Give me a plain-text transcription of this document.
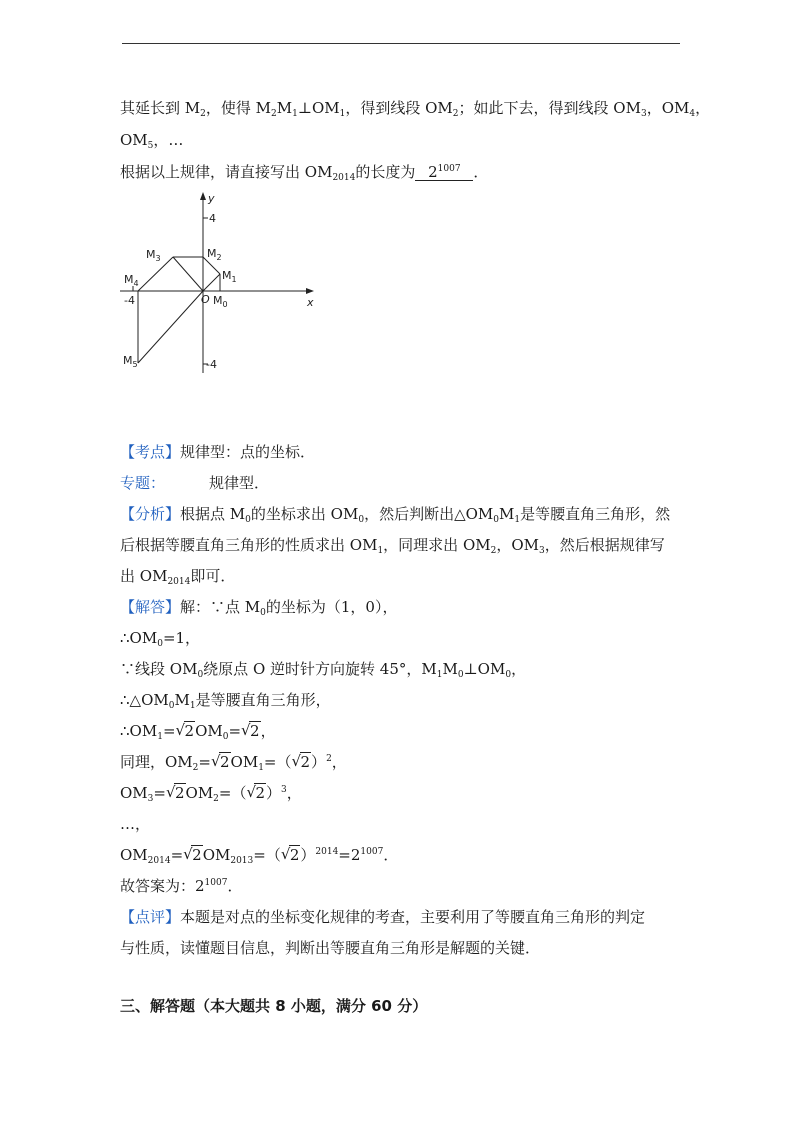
其延长到 $M_2$，使得 $M_2M_1\perp OM_1$，得到线段 $OM_2$；如此下去，得到线段 $OM_3$，$OM_4$，
$OM_5$，…
根据以上规律，请直接写出 $OM_{2014}$的长度为 $2^{1007}$ ．
y
x
4
-4
-4	O $M_0$
$M_1$
$M_2$
$M_3$
$M_4$
$M_5$
【考点】规律型：点的坐标．
专题：	规律型．
【分析】根据点 $M_0$的坐标求出 $OM_0$，然后判断出$\triangle OM_0M_1$是等腰直角三角形，然
后根据等腰直角三角形的性质求出 $OM_1$，同理求出 $OM_2$，$OM_3$，然后根据规律写
出 $OM_{2014}$即可．
【解答】解：∵点 $M_0$的坐标为（1，0），
$\therefore OM_0=1$，
∵线段 $OM_0$绕原点 O 逆时针方向旋转 45°，$M_1M_0\perp OM_0$，
$\therefore\triangle OM_0M_1$是等腰直角三角形，
$\therefore OM_1=$ √ $2OM_0=$ √ 2，
同理，$OM_2=$ √ $2OM_1=$（ √ 2）$^2$，
$OM_3=$ √ $2OM_2=$（ √ 2）$^3$，
…，
$OM_{2014}=$ √ $2OM_{2013}=$（ √ $2)^{2014}=2^{1007}$．
故答案为：$2^{1007}$．
【点评】本题是对点的坐标变化规律的考查，主要利用了等腰直角三角形的判定
与性质，读懂题目信息，判断出等腰直角三角形是解题的关键．
三、解答题（本大题共 8 小题，满分 60 分）
